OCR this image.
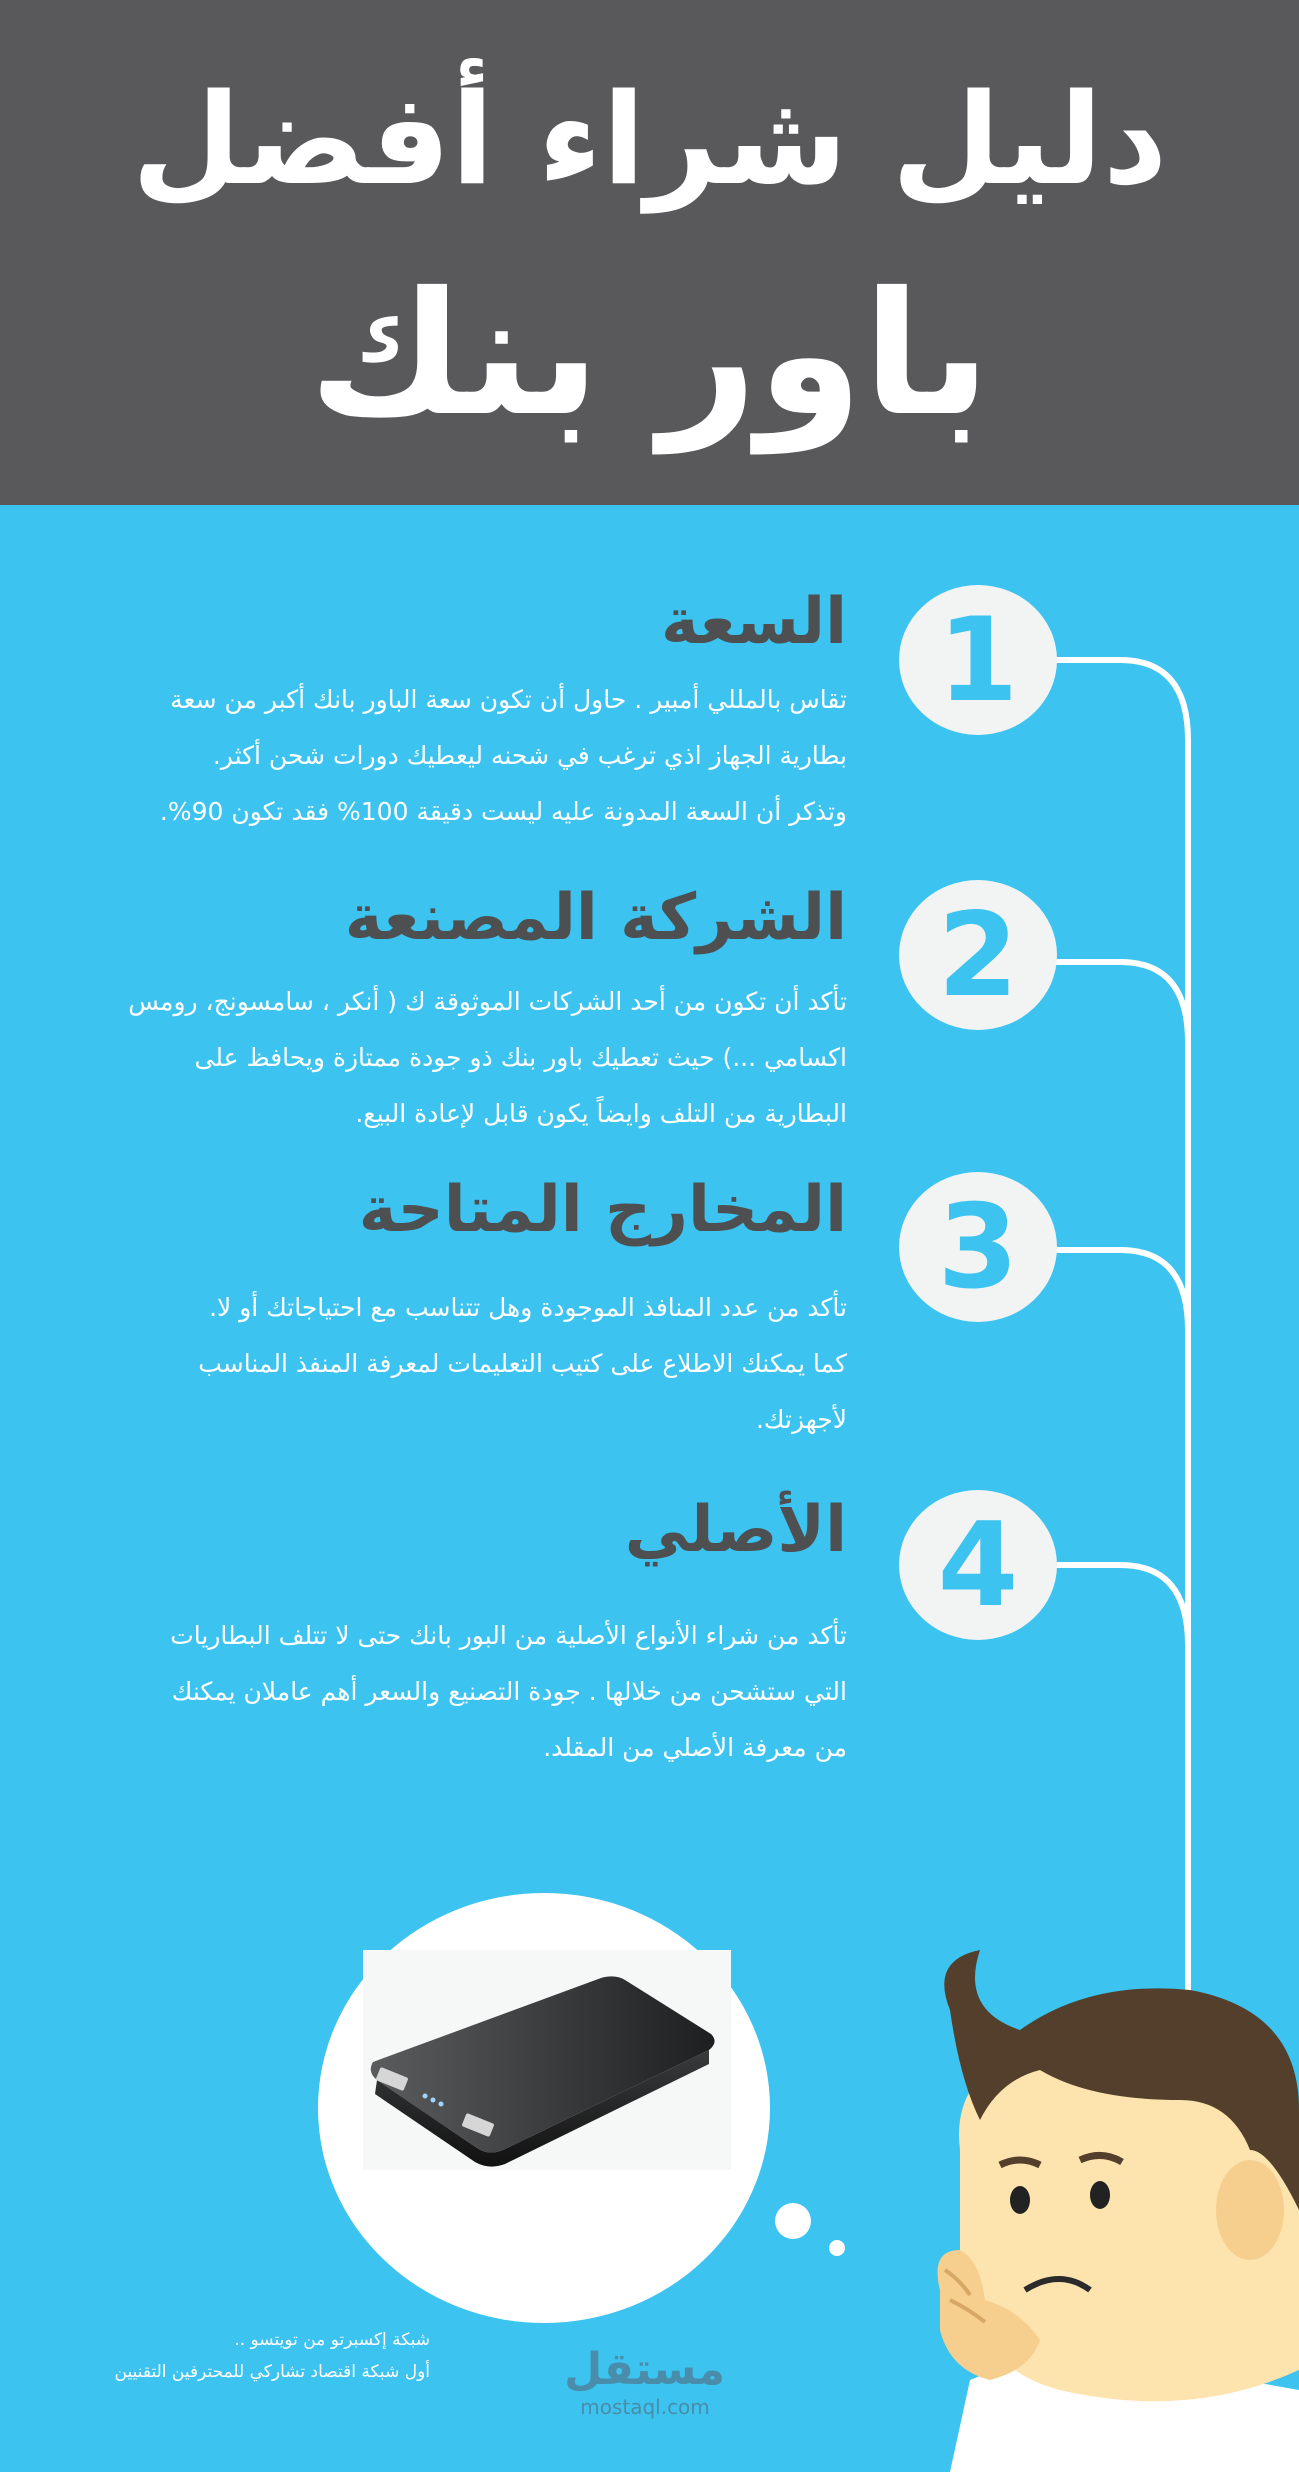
دليل شراء أفضل
باور بنك
1
السعة
تقاس بالمللي أمبير . حاول أن تكون سعة الباور بانك أكبر من سعة
بطارية الجهاز اذي ترغب في شحنه ليعطيك دورات شحن أكثر.
وتذكر أن السعة المدونة عليه ليست دقيقة 100% فقد تكون 90%.
2
الشركة المصنعة
تأكد أن تكون من أحد الشركات الموثوقة ك ( أنكر ، سامسونج، رومس
اكسامي ...) حيث تعطيك باور بنك ذو جودة ممتازة ويحافظ على
البطارية من التلف وايضاً يكون قابل لإعادة البيع.
3
المخارج المتاحة
تأكد من عدد المنافذ الموجودة وهل تتناسب مع احتياجاتك أو لا.
كما يمكنك الاطلاع على كتيب التعليمات لمعرفة المنفذ المناسب
لأجهزتك.
4
الأصلي
تأكد من شراء الأنواع الأصلية من البور بانك حتى لا تتلف البطاريات
التي ستشحن من خلالها . جودة التصنيع والسعر أهم عاملان يمكنك
من معرفة الأصلي من المقلد.
شبكة إكسبرتو من تويتسو ..
أول شبكة اقتصاد تشاركي للمحترفين التقنيين	مستقل
mostaql.com
